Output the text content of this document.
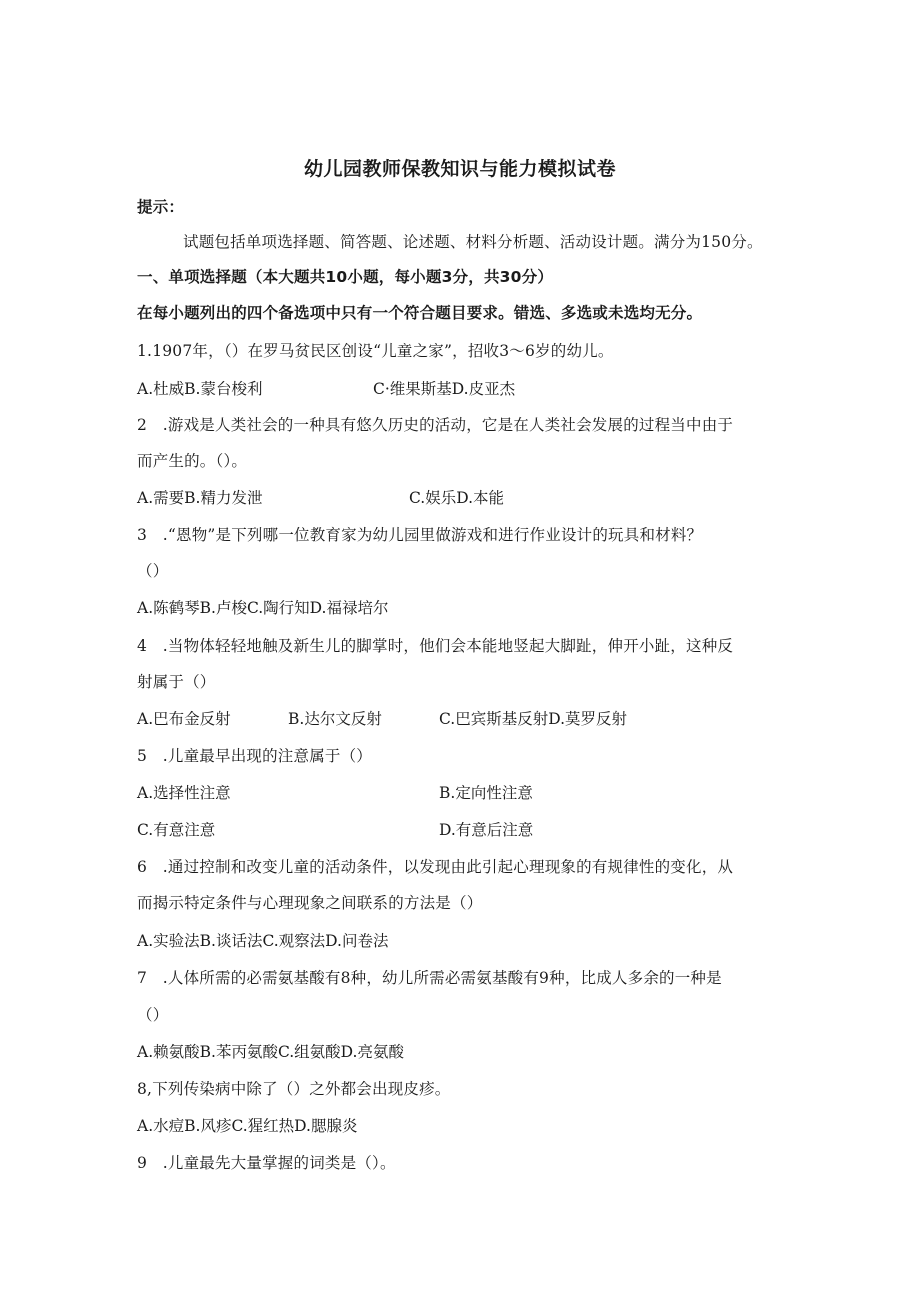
幼儿园教师保教知识与能力模拟试卷
提示：
试题包括单项选择题、简答题、论述题、材料分析题、活动设计题。满分为150分。
一、单项选择题（本大题共10小题，每小题3分，共30分）
在每小题列出的四个备选项中只有一个符合题目要求。错选、多选或未选均无分。
1.1907年，（）在罗马贫民区创设“儿童之家”，招收3～6岁的幼儿。
A.杜威B.蒙台梭利	C·维果斯基D.皮亚杰
2　.游戏是人类社会的一种具有悠久历史的活动，它是在人类社会发展的过程当中由于
而产生的。（）。
A.需要B.精力发泄	C.娱乐D.本能
3　.“恩物”是下列哪一位教育家为幼儿园里做游戏和进行作业设计的玩具和材料？
（）
A.陈鹤琴B.卢梭C.陶行知D.福禄培尔
4　.当物体轻轻地触及新生儿的脚掌时，他们会本能地竖起大脚趾，伸开小趾，这种反
射属于（）
A.巴布金反射	B.达尔文反射	C.巴宾斯基反射D.莫罗反射
5　.儿童最早出现的注意属于（）
A.选择性注意	B.定向性注意
C.有意注意	D.有意后注意
6　.通过控制和改变儿童的活动条件，以发现由此引起心理现象的有规律性的变化，从
而揭示特定条件与心理现象之间联系的方法是（）
A.实验法B.谈话法C.观察法D.问卷法
7　.人体所需的必需氨基酸有8种，幼儿所需必需氨基酸有9种，比成人多余的一种是
（）
A.赖氨酸B.苯丙氨酸C.组氨酸D.亮氨酸
8,下列传染病中除了（）之外都会出现皮疹。
A.水痘B.风疹C.猩红热D.腮腺炎
9　.儿童最先大量掌握的词类是（）。
